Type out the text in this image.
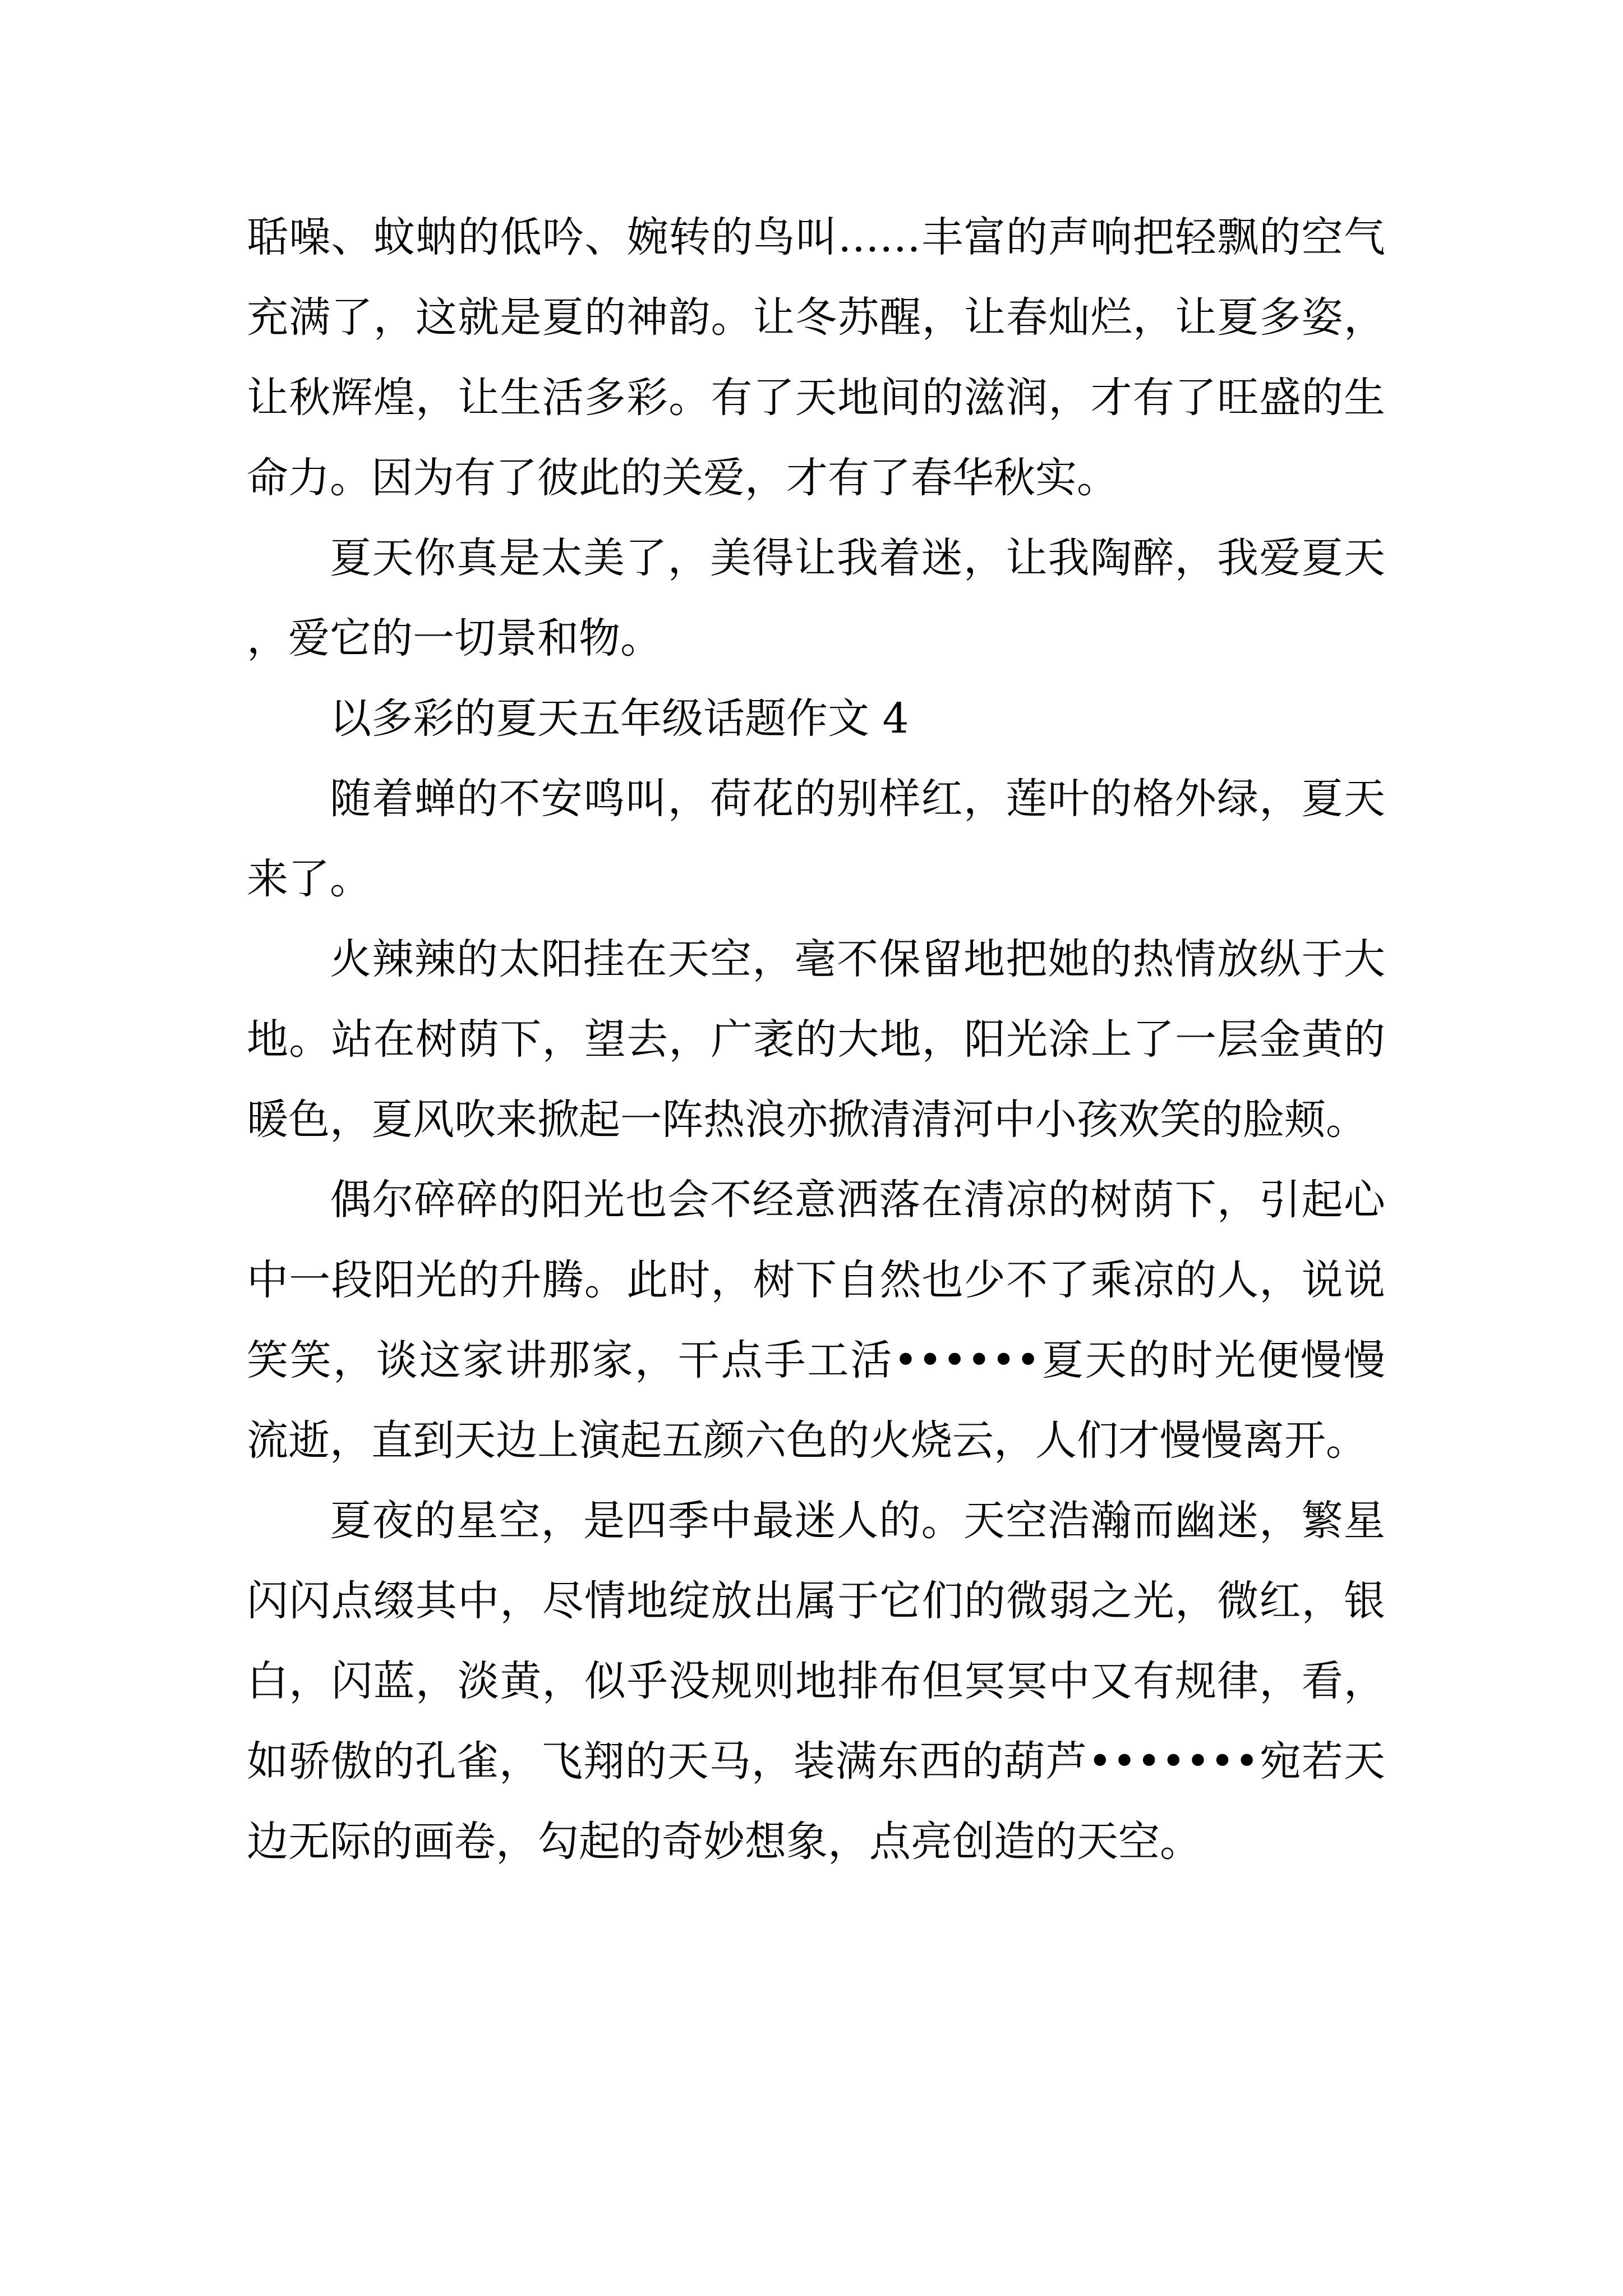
聒噪、蚊蚋的低吟、婉转的鸟叫……丰富的声响把轻飘的空气充满了，这就是夏的神韵。让冬苏醒，让春灿烂，让夏多姿，让秋辉煌，让生活多彩。有了天地间的滋润，才有了旺盛的生命力。因为有了彼此的关爱，才有了春华秋实。

夏天你真是太美了，美得让我着迷，让我陶醉，我爱夏天，爱它的一切景和物。

以多彩的夏天五年级话题作文 4

随着蝉的不安鸣叫，荷花的别样红，莲叶的格外绿，夏天来了。

火辣辣的太阳挂在天空，毫不保留地把她的热情放纵于大地。站在树荫下，望去，广袤的大地，阳光涂上了一层金黄的暖色，夏风吹来掀起一阵热浪亦掀清清河中小孩欢笑的脸颊。

偶尔碎碎的阳光也会不经意洒落在清凉的树荫下，引起心中一段阳光的升腾。此时，树下自然也少不了乘凉的人，说说笑笑，谈这家讲那家，干点手工活••••••夏天的时光便慢慢流逝，直到天边上演起五颜六色的火烧云，人们才慢慢离开。

夏夜的星空，是四季中最迷人的。天空浩瀚而幽迷，繁星闪闪点缀其中，尽情地绽放出属于它们的微弱之光，微红，银白，闪蓝，淡黄，似乎没规则地排布但冥冥中又有规律，看，如骄傲的孔雀，飞翔的天马，装满东西的葫芦•••••••宛若天边无际的画卷，勾起的奇妙想象，点亮创造的天空。
